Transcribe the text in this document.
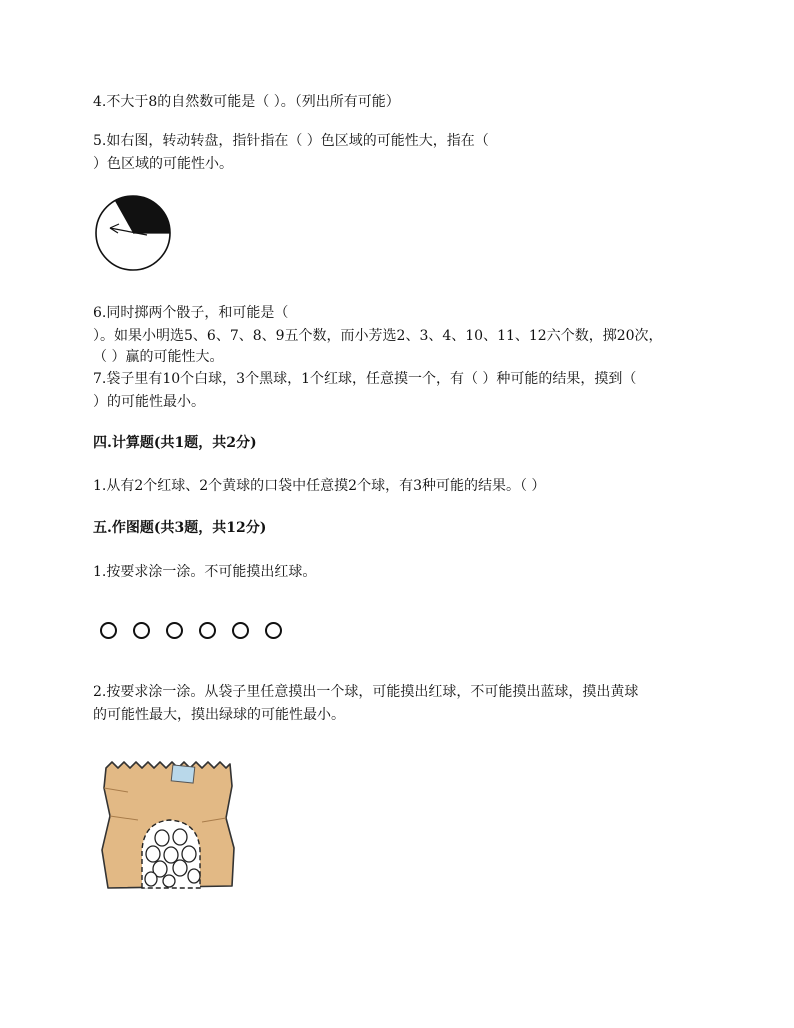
4.不大于8的自然数可能是（ ）。（列出所有可能）
5.如右图，转动转盘，指针指在（ ）色区域的可能性大，指在（
）色区域的可能性小。
6.同时掷两个骰子，和可能是（
）。如果小明选5、6、7、8、9五个数，而小芳选2、3、4、10、11、12六个数，掷20次，
（ ）赢的可能性大。
7.袋子里有10个白球，3个黑球，1个红球，任意摸一个，有（ ）种可能的结果，摸到（
）的可能性最小。
四.计算题(共1题，共2分)
1.从有2个红球、2个黄球的口袋中任意摸2个球，有3种可能的结果。（ ）
五.作图题(共3题，共12分)
1.按要求涂一涂。不可能摸出红球。
2.按要求涂一涂。从袋子里任意摸出一个球，可能摸出红球，不可能摸出蓝球，摸出黄球
的可能性最大，摸出绿球的可能性最小。
